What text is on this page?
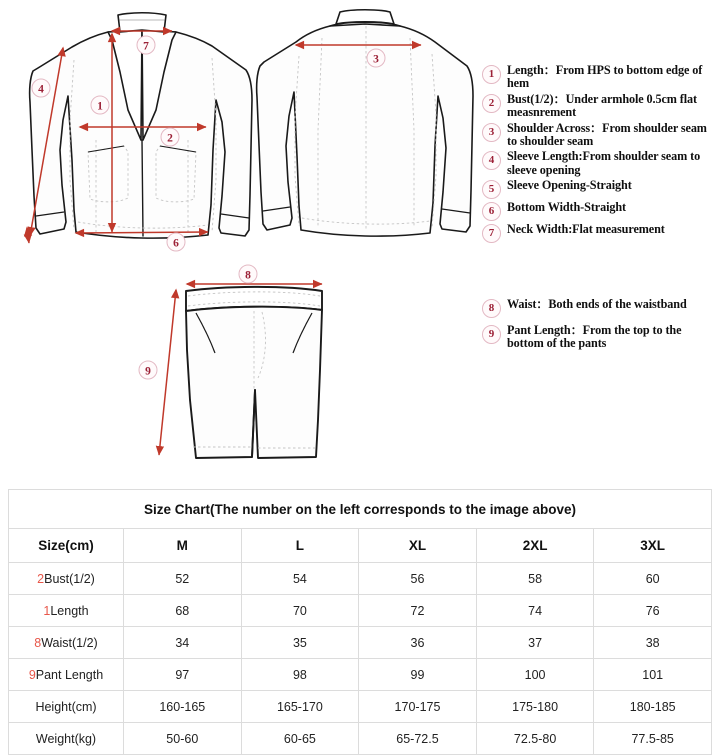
1
2
4
6
7
3
8
9
1	Length：From HPS to bottom edge of hem
2	Bust(1/2)：Under armhole 0.5cm flat measnrement
3	Shoulder Across：From shoulder seam to shoulder seam
4	Sleeve Length:From shoulder seam to sleeve opening
5	Sleeve Opening-Straight
6	Bottom Width-Straight
7	Neck Width:Flat measurement
8	Waist：Both ends of the waistband
9	Pant Length：From the top to the bottom of the pants
Size Chart(The number on the left corresponds to the image above)					
Size(cm)	M	L	XL	2XL	3XL
2Bust(1/2)	52	54	56	58	60
1Length	68	70	72	74	76
8Waist(1/2)	34	35	36	37	38
9Pant Length	97	98	99	100	101
Height(cm)	160-165	165-170	170-175	175-180	180-185
Weight(kg)	50-60	60-65	65-72.5	72.5-80	77.5-85
